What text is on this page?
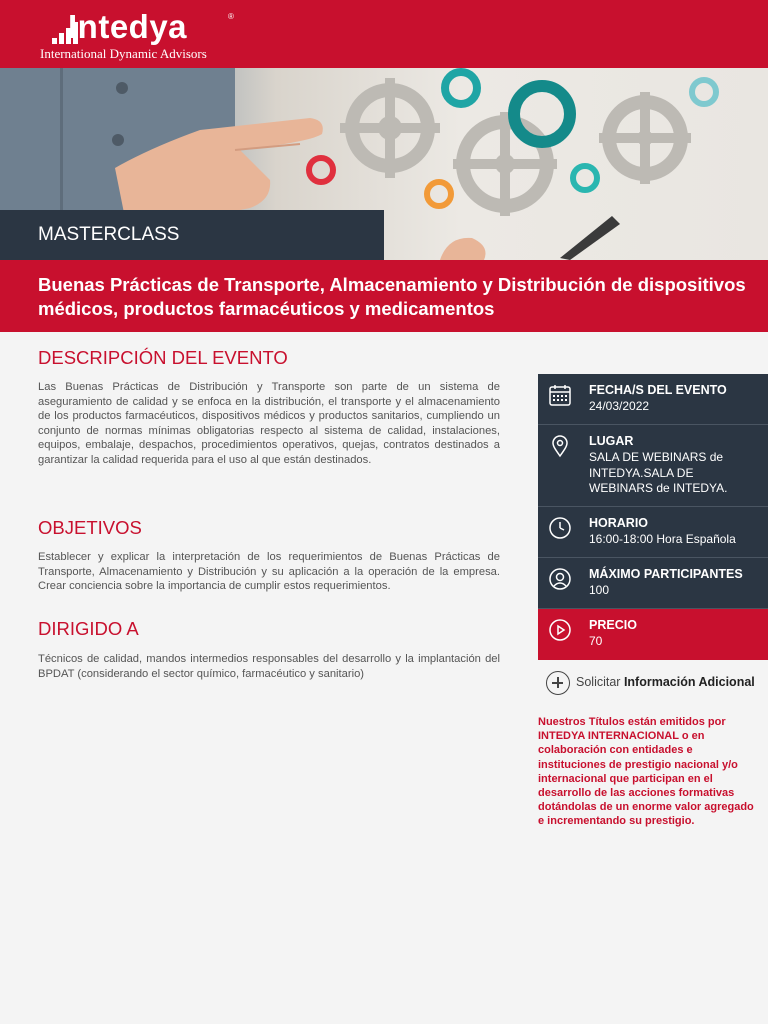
Intedya	®
International Dynamic Advisors
MASTERCLASS
Buenas Prácticas de Transporte, Almacenamiento y Distribución de dispositivos médicos, productos farmacéuticos y medicamentos
DESCRIPCIÓN DEL EVENTO
Las Buenas Prácticas de Distribución y Transporte son parte de un sistema de aseguramiento de calidad y se enfoca en la distribución, el transporte y el almacenamiento de los productos farmacéuticos, dispositivos médicos y productos sanitarios, cumpliendo un conjunto de normas mínimas obligatorias respecto al sistema de calidad, instalaciones, equipos, embalaje, despachos, procedimientos operativos, quejas, contratos destinados a garantizar la calidad requerida para el uso al que están destinados.
OBJETIVOS
Establecer y explicar la interpretación de los requerimientos de Buenas Prácticas de Transporte, Almacenamiento y Distribución y su aplicación a la operación de la empresa. Crear conciencia sobre la importancia de cumplir estos requerimientos.
DIRIGIDO A
Técnicos de calidad, mandos intermedios responsables del desarrollo y la implantación del BPDAT (considerando el sector químico, farmacéutico y sanitario)
FECHA/S DEL EVENTO
24/03/2022
LUGAR
SALA DE WEBINARS de INTEDYA.SALA DE WEBINARS de INTEDYA.
HORARIO
16:00-18:00 Hora Española
MÁXIMO PARTICIPANTES
100
PRECIO
70
Solicitar Información Adicional
Nuestros Títulos están emitidos por INTEDYA INTERNACIONAL o en colaboración con entidades e instituciones de prestigio nacional y/o internacional que participan en el desarrollo de las acciones formativas dotándolas de un enorme valor agregado e incrementando su prestigio.
